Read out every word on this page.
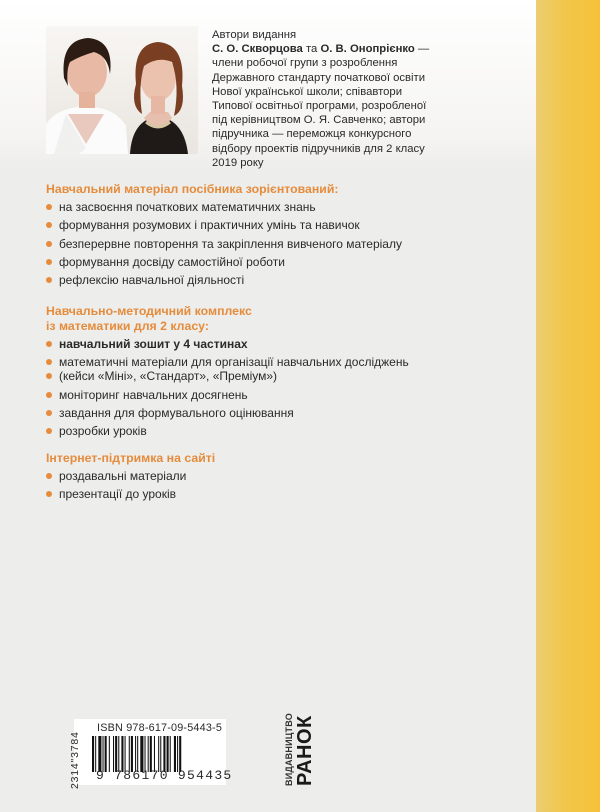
Автори видання

С. О. Скворцова та О. В. Онопрієнко —

члени робочої групи з розроблення

Державного стандарту початкової освіти

Нової української школи; співавтори

Типової освітньої програми, розробленої

під керівництвом О. Я. Савченко; автори

підручника — переможця конкурсного

відбору проектів підручників для 2 класу

2019 року

Навчальний матеріал посібника зорієнтований:
на засвоєння початкових математичних знань
формування розумових і практичних умінь та навичок
безперервне повторення та закріплення вивченого матеріалу
формування досвіду самостійної роботи
рефлексію навчальної діяльності
Навчально-методичний комплекс
із математики для 2 класу:
навчальний зошит у 4 частинах
математичні матеріали для організації навчальних досліджень
(кейси «Міні», «Стандарт», «Преміум»)
моніторинг навчальних досягнень
завдання для формувального оцінювання
розробки уроків
Інтернет-підтримка на сайті
роздавальні матеріали
презентації до уроків
ISBN 978-617-09-5443-5
2314"3784 9 786170 954435	ВИДАВНИЦТВО РАНОК
